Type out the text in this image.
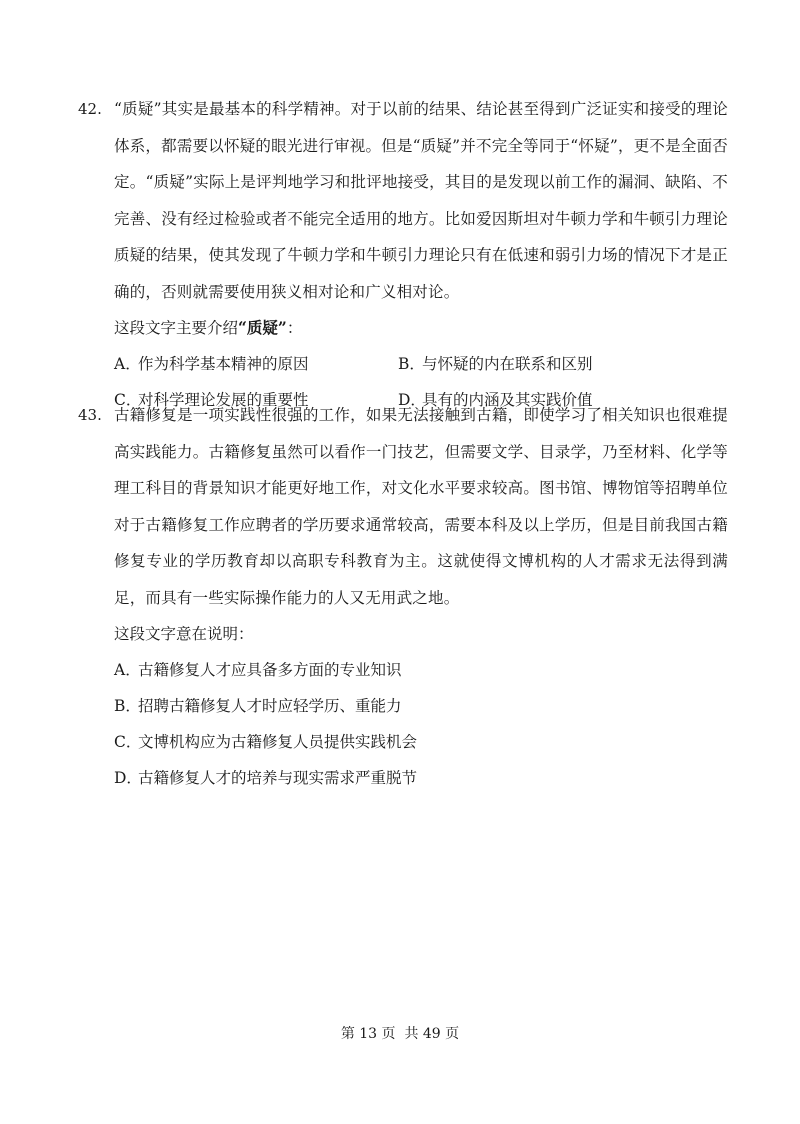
42. “质疑”其实是最基本的科学精神。对于以前的结果、结论甚至得到广泛证实和接受的理论体系，都需要以怀疑的眼光进行审视。但是“质疑”并不完全等同于“怀疑”，更不是全面否定。“质疑”实际上是评判地学习和批评地接受，其目的是发现以前工作的漏洞、缺陷、不完善、没有经过检验或者不能完全适用的地方。比如爱因斯坦对牛顿力学和牛顿引力理论质疑的结果，使其发现了牛顿力学和牛顿引力理论只有在低速和弱引力场的情况下才是正确的，否则就需要使用狭义相对论和广义相对论。

这段文字主要介绍“质疑”：
A．作为科学基本精神的原因	B．与怀疑的内在联系和区别
C．对科学理论发展的重要性	D．具有的内涵及其实践价值
43. 古籍修复是一项实践性很强的工作，如果无法接触到古籍，即使学习了相关知识也很难提高实践能力。古籍修复虽然可以看作一门技艺，但需要文学、目录学，乃至材料、化学等理工科目的背景知识才能更好地工作，对文化水平要求较高。图书馆、博物馆等招聘单位对于古籍修复工作应聘者的学历要求通常较高，需要本科及以上学历，但是目前我国古籍修复专业的学历教育却以高职专科教育为主。这就使得文博机构的人才需求无法得到满足，而具有一些实际操作能力的人又无用武之地。

这段文字意在说明：
A．古籍修复人才应具备多方面的专业知识
B．招聘古籍修复人才时应轻学历、重能力
C．文博机构应为古籍修复人员提供实践机会
D．古籍修复人才的培养与现实需求严重脱节
第 13 页  共 49 页
